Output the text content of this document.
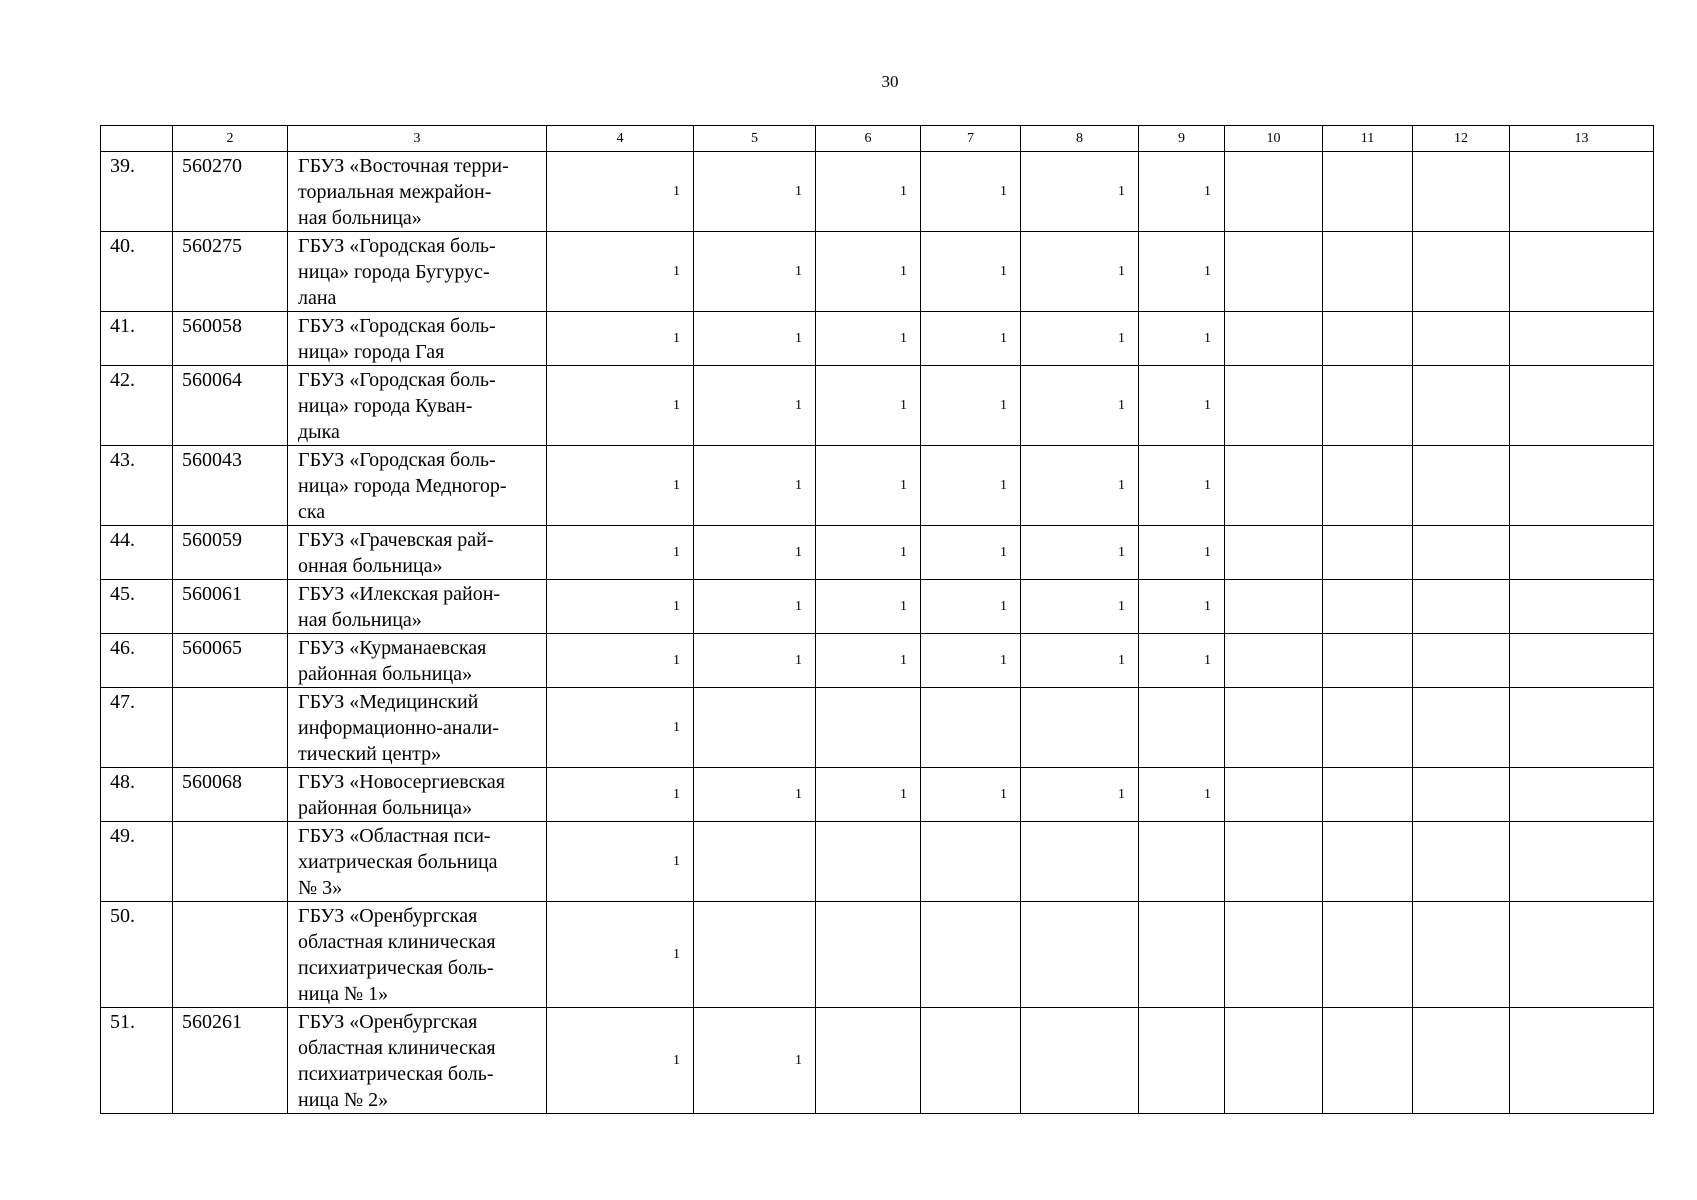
30
	2	3	4	5	6	7	8	9	10	11	12	13
39.	560270	ГБУЗ «Восточная терри-
ториальная межрайон-
ная больница»	1	1	1	1	1	1				
40.	560275	ГБУЗ «Городская боль-
ница» города Бугурус-
лана	1	1	1	1	1	1				
41.	560058	ГБУЗ «Городская боль-
ница» города Гая	1	1	1	1	1	1				
42.	560064	ГБУЗ «Городская боль-
ница» города Куван-
дыка	1	1	1	1	1	1				
43.	560043	ГБУЗ «Городская боль-
ница» города Медногор-
ска	1	1	1	1	1	1				
44.	560059	ГБУЗ «Грачевская рай-
онная больница»	1	1	1	1	1	1				
45.	560061	ГБУЗ «Илекская район-
ная больница»	1	1	1	1	1	1				
46.	560065	ГБУЗ «Курманаевская
районная больница»	1	1	1	1	1	1				
47.		ГБУЗ «Медицинский
информационно-анали-
тический центр»	1									
48.	560068	ГБУЗ «Новосергиевская
районная больница»	1	1	1	1	1	1				
49.		ГБУЗ «Областная пси-
хиатрическая больница
№ 3»	1									
50.		ГБУЗ «Оренбургская
областная клиническая
психиатрическая боль-
ница № 1»	1									
51.	560261	ГБУЗ «Оренбургская
областная клиническая
психиатрическая боль-
ница № 2»	1	1								
